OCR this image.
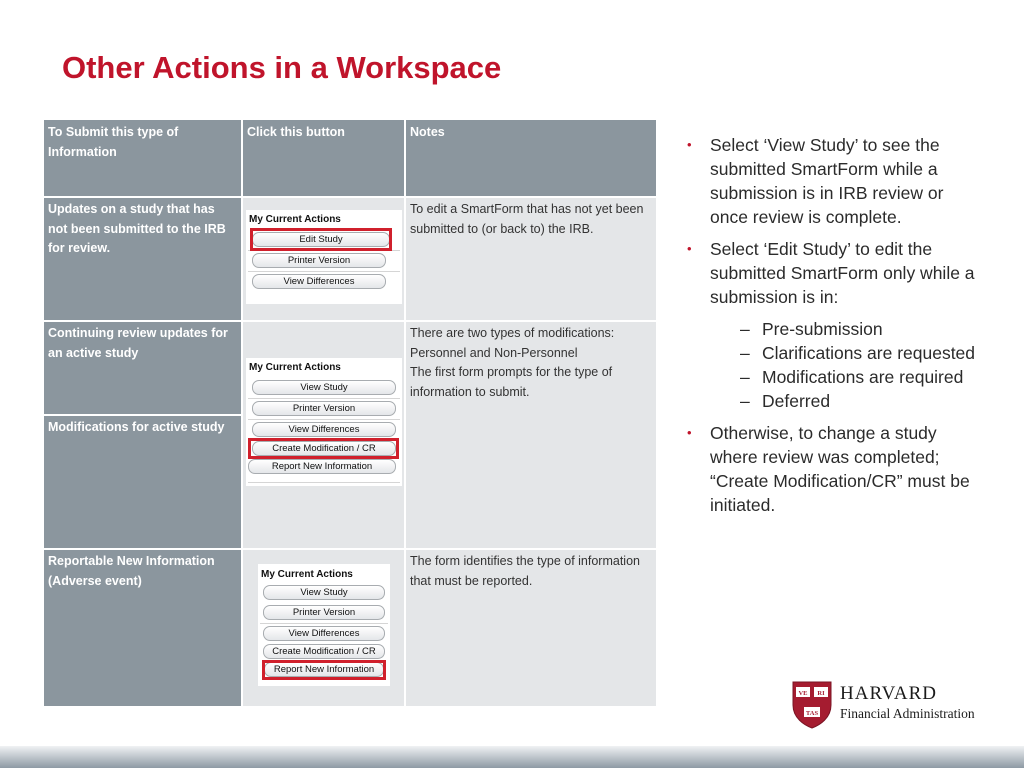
Other Actions in a Workspace
To Submit this type of Information
Click this button	Notes
Updates on a study that has not been submitted to the IRB for review.
To edit a SmartForm that has not yet been submitted to (or back to) the IRB.
Continuing review updates for an active study
Modifications for active study
There are two types of modifications: Personnel and Non-Personnel
The first form prompts for the type of information to submit.
Reportable New Information (Adverse event)
The form identifies the type of information that must be reported.
My Current Actions
Edit Study
Printer Version
View Differences
My Current Actions
View Study
Printer Version
View Differences
Create Modification / CR
Report New Information
My Current Actions
View Study
Printer Version
View Differences
Create Modification / CR
Report New Information
• Select ‘View Study’ to see the submitted SmartForm while a submission is in IRB review or once review is complete.
• Select ‘Edit Study’ to edit the submitted SmartForm only while a submission is in:
– Pre-submission
– Clarifications are requested
– Modifications are required
– Deferred
• Otherwise, to change a study where review was completed; “Create Modification/CR” must be initiated.
VE RI
TAS
HARVARD
Financial Administration
